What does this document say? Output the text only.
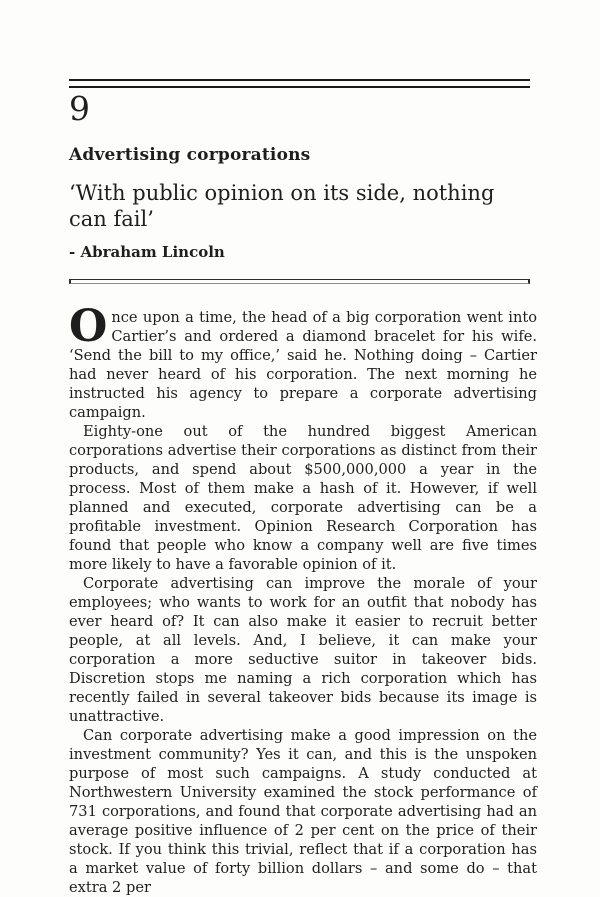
9
Advertising corporations
‘With public opinion on its side, nothing can fail’
- Abraham Lincoln

Once upon a time, the head of a big corporation went into Cartier’s and ordered a diamond bracelet for his wife. ‘Send the bill to my office,’ said he. Nothing doing – Cartier had never heard of his corporation. The next morning he instructed his agency to prepare a corporate advertising campaign.

Eighty-one out of the hundred biggest American corporations advertise their corporations as distinct from their products, and spend about $500,000,000 a year in the process. Most of them make a hash of it. However, if well planned and executed, corporate advertising can be a profitable investment. Opinion Research Corporation has found that people who know a company well are five times more likely to have a favorable opinion of it.

Corporate advertising can improve the morale of your employees; who wants to work for an outfit that nobody has ever heard of? It can also make it easier to recruit better people, at all levels. And, I believe, it can make your corporation a more seductive suitor in takeover bids. Discretion stops me naming a rich corporation which has recently failed in several takeover bids because its image is unattractive.

Can corporate advertising make a good impression on the investment community? Yes it can, and this is the unspoken purpose of most such campaigns. A study conducted at Northwestern University examined the stock performance of 731 corporations, and found that corporate advertising had an average positive influence of 2 per cent on the price of their stock. If you think this trivial, reflect that if a corporation has a market value of forty billion dollars – and some do – that extra 2 per
